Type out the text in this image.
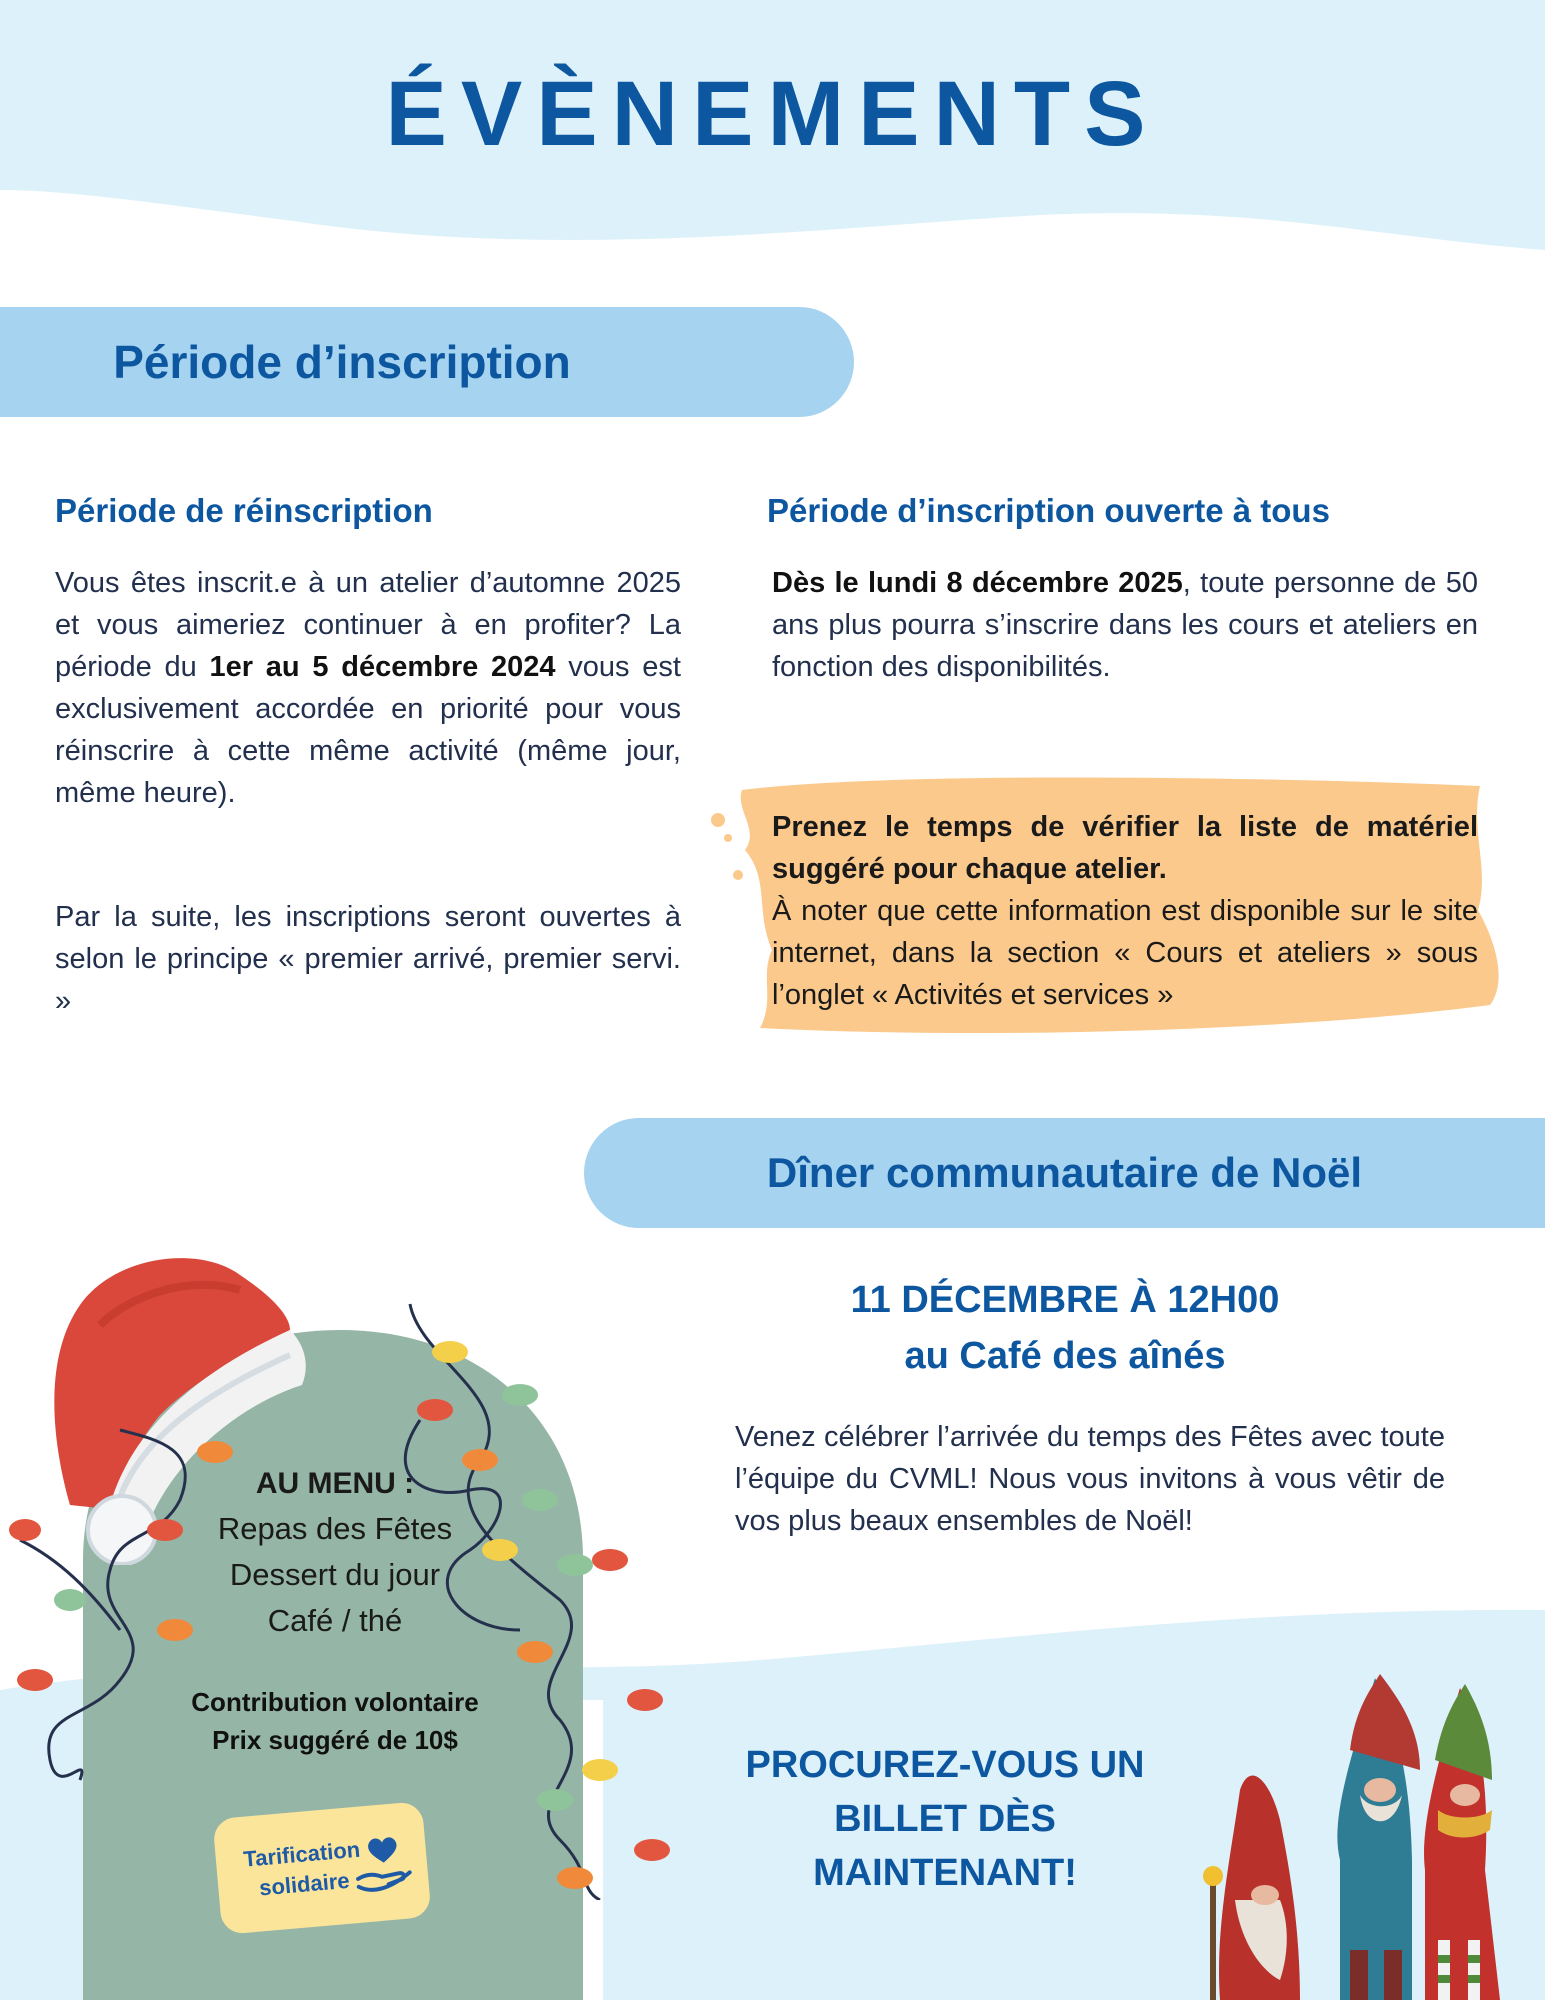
ÉVÈNEMENTS
Période d’inscription
Période de réinscription

Vous êtes inscrit.e à un atelier d’automne 2025 et vous aimeriez continuer à en profiter? La période du 1er au 5 décembre 2024 vous est exclusivement accordée en priorité pour vous réinscrire à cette même activité (même jour, même heure).

Par la suite, les inscriptions seront ouvertes à selon le principe « premier arrivé, premier servi. »

Période d’inscription ouverte à tous

Dès le lundi 8 décembre 2025, toute personne de 50 ans plus pourra s’inscrire dans les cours et ateliers en fonction des disponibilités.

Prenez le temps de vérifier la liste de matériel suggéré pour chaque atelier.
À noter que cette information est disponible sur le site internet, dans la section « Cours et ateliers » sous l’onglet « Activités et services »

Dîner communautaire de Noël
11 DÉCEMBRE À 12H00
au Café des aînés

Venez célébrer l’arrivée du temps des Fêtes avec toute l’équipe du CVML! Nous vous invitons à vous vêtir de vos plus beaux ensembles de Noël!

AU MENU :
Repas des Fêtes
Dessert du jour
Café / thé
Contribution volontaire
Prix suggéré de 10$
Tarification
solidaire
PROCUREZ-VOUS UN
BILLET DÈS
MAINTENANT!
